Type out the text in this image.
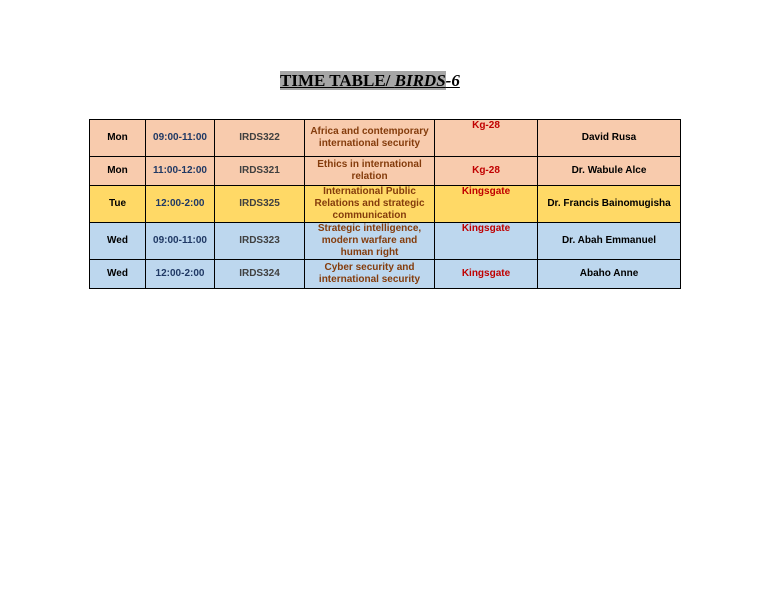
TIME TABLE/ BIRDS-6
Mon	09:00-11:00	IRDS322	Africa and contemporary international security	Kg-28	David Rusa
Mon	11:00-12:00	IRDS321	Ethics in international relation	Kg-28	Dr. Wabule Alce
Tue	12:00-2:00	IRDS325	International Public Relations and strategic communication	Kingsgate	Dr. Francis Bainomugisha
Wed	09:00-11:00	IRDS323	Strategic intelligence, modern warfare and human right	Kingsgate	Dr. Abah Emmanuel
Wed	12:00-2:00	IRDS324	Cyber security and international security	Kingsgate	Abaho Anne
